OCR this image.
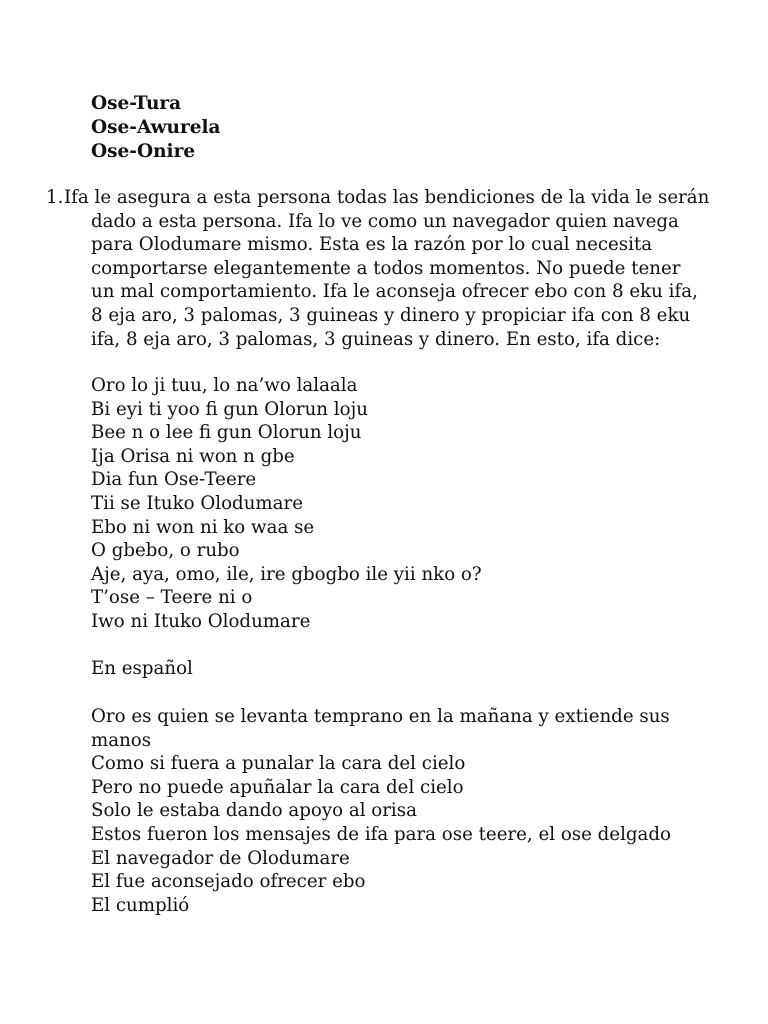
Ose-Tura
Ose-Awurela
Ose-Onire
1. Ifa le asegura a esta persona todas las bendiciones de la vida le serán
dado a esta persona. Ifa lo ve como un navegador quien navega
para Olodumare mismo. Esta es la razón por lo cual necesita
comportarse elegantemente a todos momentos. No puede tener
un mal comportamiento. Ifa le aconseja ofrecer ebo con 8 eku ifa,
8 eja aro, 3 palomas, 3 guineas y dinero y propiciar ifa con 8 eku
ifa, 8 eja aro, 3 palomas, 3 guineas y dinero. En esto, ifa dice:
Oro lo ji tuu, lo na’wo lalaala
Bi eyi ti yoo fi gun Olorun loju
Bee n o lee fi gun Olorun loju
Ija Orisa ni won n gbe
Dia fun Ose-Teere
Tii se Ituko Olodumare
Ebo ni won ni ko waa se
O gbebo, o rubo
Aje, aya, omo, ile, ire gbogbo ile yii nko o?
T’ose – Teere ni o
Iwo ni Ituko Olodumare
En español
Oro es quien se levanta temprano en la mañana y extiende sus
manos
Como si fuera a punalar la cara del cielo
Pero no puede apuñalar la cara del cielo
Solo le estaba dando apoyo al orisa
Estos fueron los mensajes de ifa para ose teere, el ose delgado
El navegador de Olodumare
El fue aconsejado ofrecer ebo
El cumplió
